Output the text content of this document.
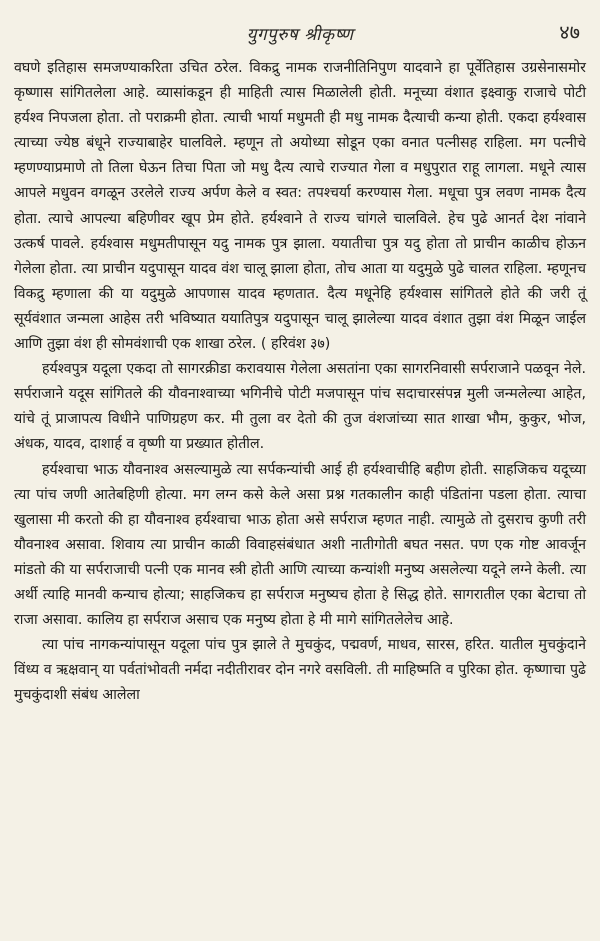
युगपुरुष श्रीकृष्ण	४७

वघणे इतिहास समजण्याकरिता उचित ठरेल. विकद्रु नामक राजनीतिनिपुण यादवाने हा पूर्वेतिहास उग्रसेनासमोर कृष्णास सांगितलेला आहे. व्यासांकडून ही माहिती त्यास मिळालेली होती. मनूच्या वंशात इक्ष्वाकु राजाचे पोटी हर्यश्व निपजला होता. तो पराक्रमी होता. त्याची भार्या मधुमती ही मधु नामक दैत्याची कन्या होती. एकदा हर्यश्वास त्याच्या ज्येष्ठ बंधूने राज्याबाहेर घालविले. म्हणून तो अयोध्या सोडून एका वनात पत्नीसह राहिला. मग पत्नीचे म्हणण्याप्रमाणे तो तिला घेऊन तिचा पिता जो मधु दैत्य त्याचे राज्यात गेला व मधुपुरात राहू लागला. मधूने त्यास आपले मधुवन वगळून उरलेले राज्य अर्पण केले व स्वत: तपश्चर्या करण्यास गेला. मधूचा पुत्र लवण नामक दैत्य होता. त्याचे आपल्या बहिणीवर खूप प्रेम होते. हर्यश्वाने ते राज्य चांगले चालविले. हेच पुढे आनर्त देश नांवाने उत्कर्ष पावले. हर्यश्वास मधुमतीपासून यदु नामक पुत्र झाला. ययातीचा पुत्र यदु होता तो प्राचीन काळीच होऊन गेलेला होता. त्या प्राचीन यदुपासून यादव वंश चालू झाला होता, तोच आता या यदुमुळे पुढे चालत राहिला. म्हणूनच विकद्रु म्हणाला की या यदुमुळे आपणास यादव म्हणतात. दैत्य मधूनेहि हर्यश्वास सांगितले होते की जरी तूं सूर्यवंशात जन्मला आहेस तरी भविष्यात ययातिपुत्र यदुपासून चालू झालेल्या यादव वंशात तुझा वंश मिळून जाईल आणि तुझा वंश ही सोमवंशाची एक शाखा ठरेल. ( हरिवंश ३७)

हर्यश्वपुत्र यदूला एकदा तो सागरक्रीडा करावयास गेलेला असतांना एका सागरनिवासी सर्पराजाने पळवून नेले. सर्पराजाने यदूस सांगितले की यौवनाश्वाच्या भगिनीचे पोटी मजपासून पांच सदाचारसंपन्न मुली जन्मलेल्या आहेत, यांचे तूं प्राजापत्य विधीने पाणिग्रहण कर. मी तुला वर देतो की तुज वंशजांच्या सात शाखा भौम, कुकुर, भोज, अंधक, यादव, दाशार्ह व वृष्णी या प्रख्यात होतील.

हर्यश्वाचा भाऊ यौवनाश्व असल्यामुळे त्या सर्पकन्यांची आई ही हर्यश्वाचीहि बहीण होती. साहजिकच यदूच्या त्या पांच जणी आतेबहिणी होत्या. मग लग्न कसे केले असा प्रश्न गतकालीन काही पंडितांना पडला होता. त्याचा खुलासा मी करतो की हा यौवनाश्व हर्यश्वाचा भाऊ होता असे सर्पराज म्हणत नाही. त्यामुळे तो दुसराच कुणी तरी यौवनाश्व असावा. शिवाय त्या प्राचीन काळी विवाहसंबंधात अशी नातीगोती बघत नसत. पण एक गोष्ट आवर्जून मांडतो की या सर्पराजाची पत्नी एक मानव स्त्री होती आणि त्याच्या कन्यांशी मनुष्य असलेल्या यदूने लग्ने केली. त्या अर्थी त्याहि मानवी कन्याच होत्या; साहजिकच हा सर्पराज मनुष्यच होता हे सिद्ध होते. सागरातील एका बेटाचा तो राजा असावा. कालिय हा सर्पराज असाच एक मनुष्य होता हे मी मागे सांगितलेलेच आहे.

त्या पांच नागकन्यांपासून यदूला पांच पुत्र झाले ते मुचकुंद, पद्मवर्ण, माधव, सारस, हरित. यातील मुचकुंदाने विंध्य व ऋक्षवान् या पर्वतांभोवती नर्मदा नदीतीरावर दोन नगरे वसविली. ती माहिष्मति व पुरिका होत. कृष्णाचा पुढे मुचकुंदाशी संबंध आलेला
